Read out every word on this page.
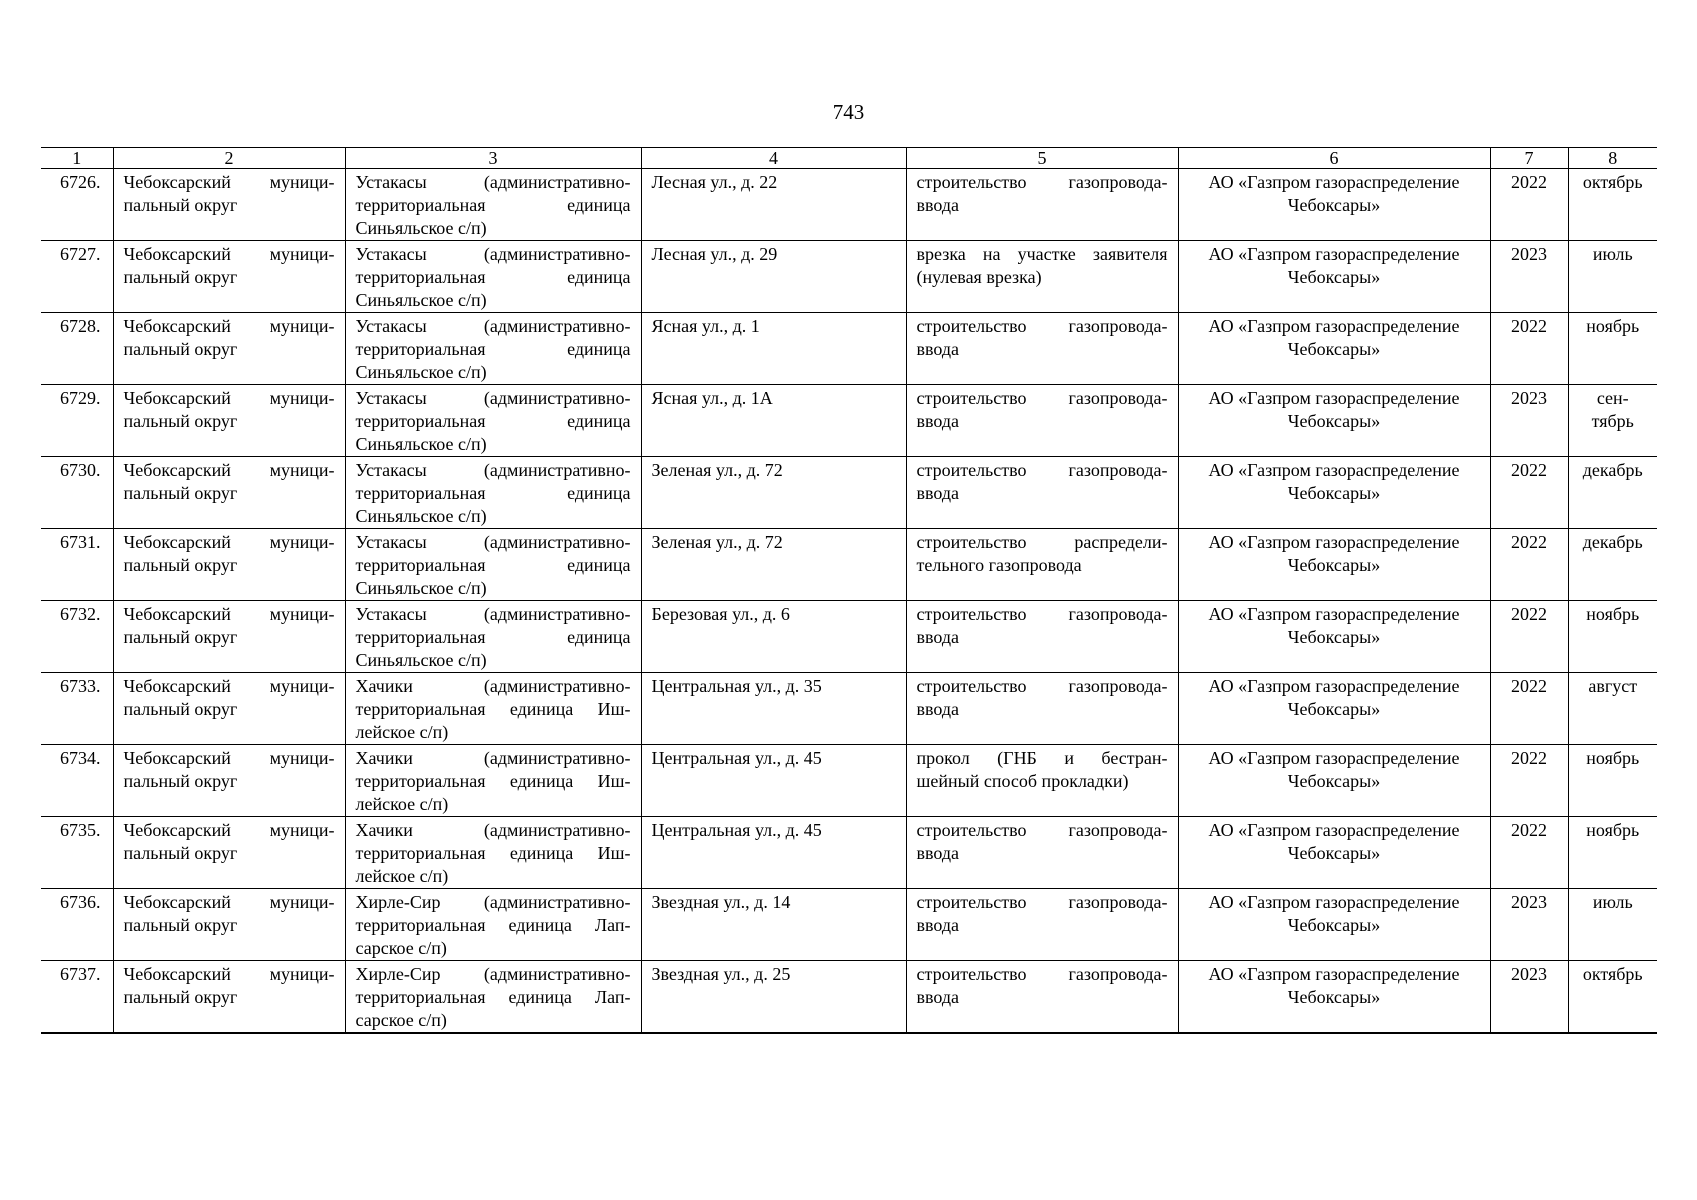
743
1	2	3	4	5	6	7	8
6726.	Чебоксарский муници-
пальный округ	Устакасы (административно-
территориальная единица
Синьяльское с/п)	Лесная ул., д. 22	строительство газопровода-
ввода	АО «Газпром газораспределение
Чебоксары»	2022	октябрь

6727.	Чебоксарский муници-
пальный округ	Устакасы (административно-
территориальная единица
Синьяльское с/п)	Лесная ул., д. 29	врезка на участке заявителя
(нулевая врезка)	АО «Газпром газораспределение
Чебоксары»	2023	июль

6728.	Чебоксарский муници-
пальный округ	Устакасы (административно-
территориальная единица
Синьяльское с/п)	Ясная ул., д. 1	строительство газопровода-
ввода	АО «Газпром газораспределение
Чебоксары»	2022	ноябрь

6729.	Чебоксарский муници-
пальный округ	Устакасы (административно-
территориальная единица
Синьяльское с/п)	Ясная ул., д. 1А	строительство газопровода-
ввода	АО «Газпром газораспределение
Чебоксары»	2023	сен-
тябрь

6730.	Чебоксарский муници-
пальный округ	Устакасы (административно-
территориальная единица
Синьяльское с/п)	Зеленая ул., д. 72	строительство газопровода-
ввода	АО «Газпром газораспределение
Чебоксары»	2022	декабрь

6731.	Чебоксарский муници-
пальный округ	Устакасы (административно-
территориальная единица
Синьяльское с/п)	Зеленая ул., д. 72	строительство распредели-
тельного газопровода	АО «Газпром газораспределение
Чебоксары»	2022	декабрь

6732.	Чебоксарский муници-
пальный округ	Устакасы (административно-
территориальная единица
Синьяльское с/п)	Березовая ул., д. 6	строительство газопровода-
ввода	АО «Газпром газораспределение
Чебоксары»	2022	ноябрь

6733.	Чебоксарский муници-
пальный округ	Хачики (административно-
территориальная единица Иш-
лейское с/п)	Центральная ул., д. 35	строительство газопровода-
ввода	АО «Газпром газораспределение
Чебоксары»	2022	август

6734.	Чебоксарский муници-
пальный округ	Хачики (административно-
территориальная единица Иш-
лейское с/п)	Центральная ул., д. 45	прокол (ГНБ и бестран-
шейный способ прокладки)	АО «Газпром газораспределение
Чебоксары»	2022	ноябрь

6735.	Чебоксарский муници-
пальный округ	Хачики (административно-
территориальная единица Иш-
лейское с/п)	Центральная ул., д. 45	строительство газопровода-
ввода	АО «Газпром газораспределение
Чебоксары»	2022	ноябрь

6736.	Чебоксарский муници-
пальный округ	Хирле-Сир (административно-
территориальная единица Лап-
сарское с/п)	Звездная ул., д. 14	строительство газопровода-
ввода	АО «Газпром газораспределение
Чебоксары»	2023	июль

6737.	Чебоксарский муници-
пальный округ	Хирле-Сир (административно-
территориальная единица Лап-
сарское с/п)	Звездная ул., д. 25	строительство газопровода-
ввода	АО «Газпром газораспределение
Чебоксары»	2023	октябрь
